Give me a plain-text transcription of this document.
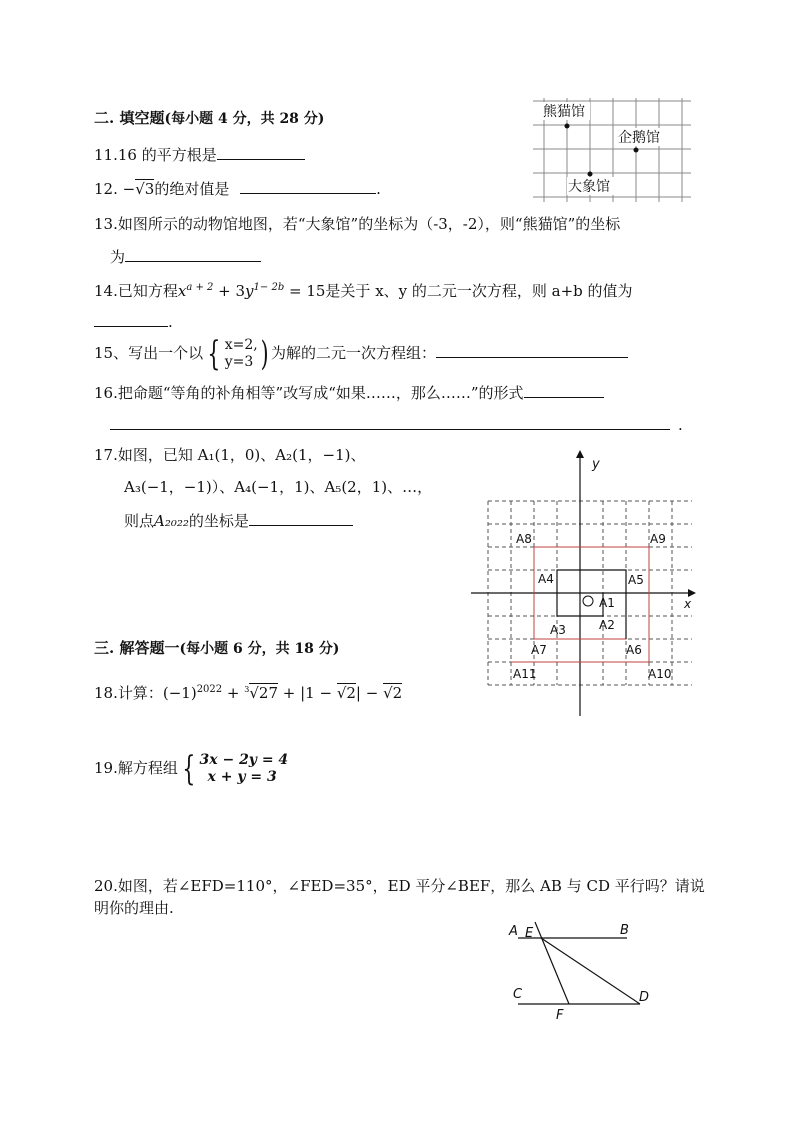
二. 填空题(每小题 4 分，共 28 分)
11.16 的平方根是
12. −√3的绝对值是	.
13.如图所示的动物馆地图，若“大象馆”的坐标为（-3，-2），则“熊猫馆”的坐标
为
14.已知方程$x^{a + 2} + 3y^{1- 2b} = 15$是关于 x、y 的二元一次方程，则 a+b 的值为
.
15、写出一个以 { x=2,
y=3 ) 为解的二元一次方程组：
16.把命题“等角的补角相等”改写成“如果……，那么……”的形式
.
17.如图，已知 A₁(1，0)、A₂(1，−1)、
A₃(−1，−1)）、A₄(−1，1)、A₅(2，1)、…，
则点A₂₀₂₂的坐标是
三. 解答题一(每小题 6 分，共 18 分)
18.计算：$(-1)^{2022} + ^3√27 + |1 - √2| - √2$
19.解方程组 { 3x − 2y = 4
x + y = 3
20.如图，若∠EFD=110°，∠FED=35°，ED 平分∠BEF，那么 AB 与 CD 平行吗？请说
明你的理由.
熊猫馆
企鹅馆
大象馆
y
x
A1
A2
A3
A4	A5
A6
A7
A8	A9
A10
A11
A E	B
C	D
F
